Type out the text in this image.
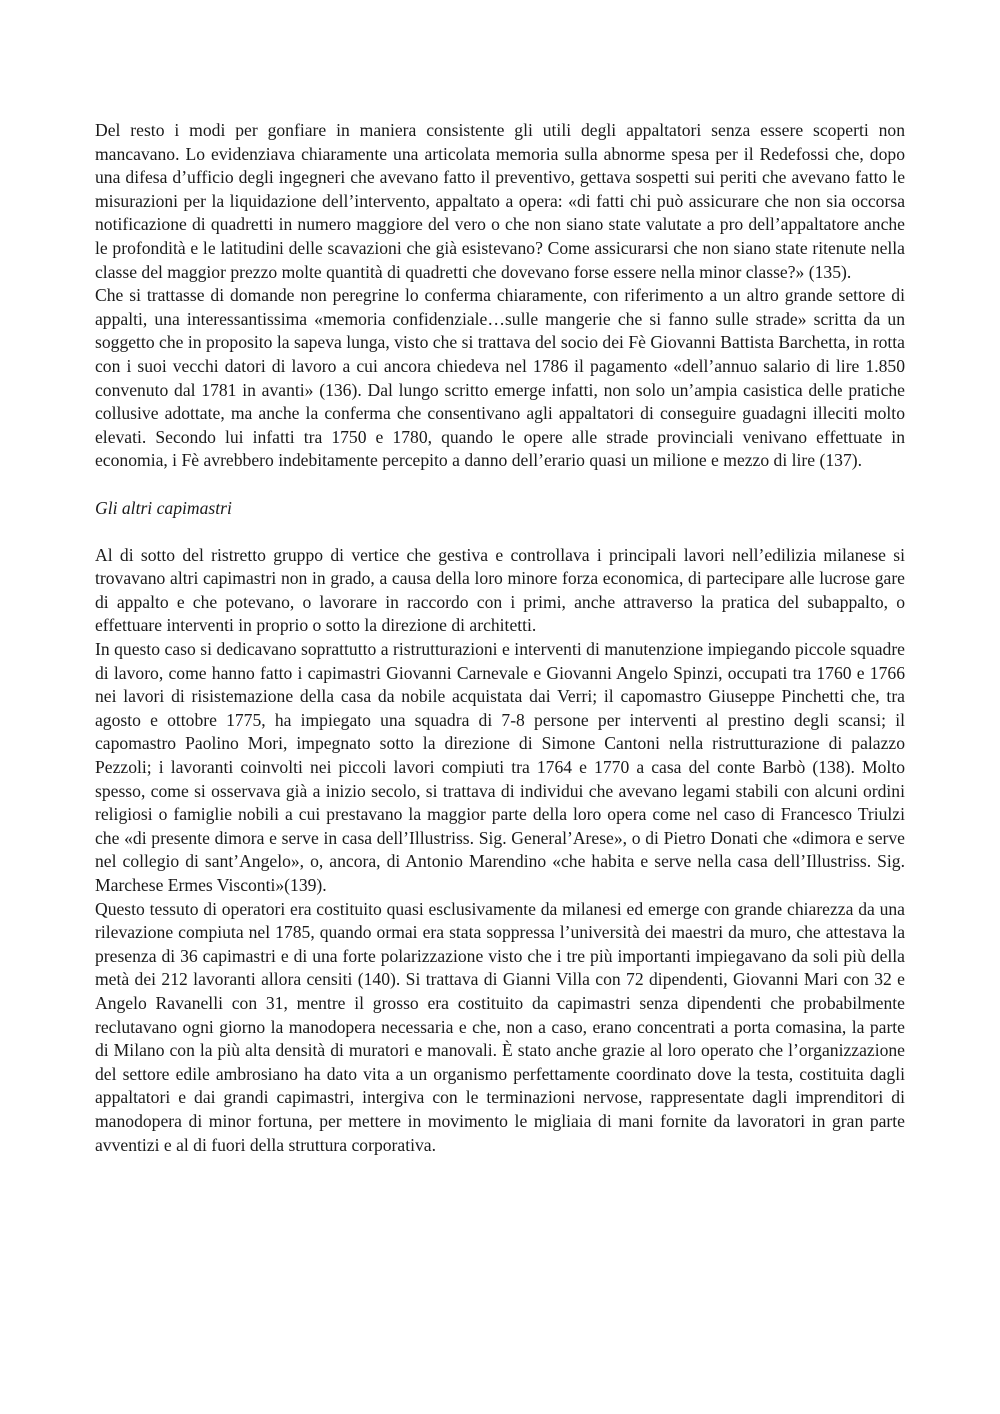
Del resto i modi per gonfiare in maniera consistente gli utili degli appaltatori senza essere scoperti non mancavano. Lo evidenziava chiaramente una articolata memoria sulla abnorme spesa per il Redefossi che, dopo una difesa d’ufficio degli ingegneri che avevano fatto il preventivo, gettava sospetti sui periti che avevano fatto le misurazioni per la liquidazione dell’intervento, appaltato a opera: «di fatti chi può assicurare che non sia occorsa notificazione di quadretti in numero maggiore del vero o che non siano state valutate a pro dell’appaltatore anche le profondità e le latitudini delle scavazioni che già esistevano? Come assicurarsi che non siano state ritenute nella classe del maggior prezzo molte quantità di quadretti che dovevano forse essere nella minor classe?» (135).

Che si trattasse di domande non peregrine lo conferma chiaramente, con riferimento a un altro grande settore di appalti, una interessantissima «memoria confidenziale…sulle mangerie che si fanno sulle strade» scritta da un soggetto che in proposito la sapeva lunga, visto che si trattava del socio dei Fè Giovanni Battista Barchetta, in rotta con i suoi vecchi datori di lavoro a cui ancora chiedeva nel 1786 il pagamento «dell’annuo salario di lire 1.850 convenuto dal 1781 in avanti» (136). Dal lungo scritto emerge infatti, non solo un’ampia casistica delle pratiche collusive adottate, ma anche la conferma che consentivano agli appaltatori di conseguire guadagni illeciti molto elevati. Secondo lui infatti tra 1750 e 1780, quando le opere alle strade provinciali venivano effettuate in economia, i Fè avrebbero indebitamente percepito a danno dell’erario quasi un milione e mezzo di lire (137).

Gli altri capimastri

Al di sotto del ristretto gruppo di vertice che gestiva e controllava i principali lavori nell’edilizia milanese si trovavano altri capimastri non in grado, a causa della loro minore forza economica, di partecipare alle lucrose gare di appalto e che potevano, o lavorare in raccordo con i primi, anche attraverso la pratica del subappalto, o effettuare interventi in proprio o sotto la direzione di architetti.

In questo caso si dedicavano soprattutto a ristrutturazioni e interventi di manutenzione impiegando piccole squadre di lavoro, come hanno fatto i capimastri Giovanni Carnevale e Giovanni Angelo Spinzi, occupati tra 1760 e 1766 nei lavori di risistemazione della casa da nobile acquistata dai Verri; il capomastro Giuseppe Pinchetti che, tra agosto e ottobre 1775, ha impiegato una squadra di 7-8 persone per interventi al prestino degli scansi; il capomastro Paolino Mori, impegnato sotto la direzione di Simone Cantoni nella ristrutturazione di palazzo Pezzoli; i lavoranti coinvolti nei piccoli lavori compiuti tra 1764 e 1770 a casa del conte Barbò (138). Molto spesso, come si osservava già a inizio secolo, si trattava di individui che avevano legami stabili con alcuni ordini religiosi o famiglie nobili a cui prestavano la maggior parte della loro opera come nel caso di Francesco Triulzi che «di presente dimora e serve in casa dell’Illustriss. Sig. General’Arese», o di Pietro Donati che «dimora e serve nel collegio di sant’Angelo», o, ancora, di Antonio Marendino «che habita e serve nella casa dell’Illustriss. Sig. Marchese Ermes Visconti»(139).

Questo tessuto di operatori era costituito quasi esclusivamente da milanesi ed emerge con grande chiarezza da una rilevazione compiuta nel 1785, quando ormai era stata soppressa l’università dei maestri da muro, che attestava la presenza di 36 capimastri e di una forte polarizzazione visto che i tre più importanti impiegavano da soli più della metà dei 212 lavoranti allora censiti (140). Si trattava di Gianni Villa con 72 dipendenti, Giovanni Mari con 32 e Angelo Ravanelli con 31, mentre il grosso era costituito da capimastri senza dipendenti che probabilmente reclutavano ogni giorno la manodopera necessaria e che, non a caso, erano concentrati a porta comasina, la parte di Milano con la più alta densità di muratori e manovali. È stato anche grazie al loro operato che l’organizzazione del settore edile ambrosiano ha dato vita a un organismo perfettamente coordinato dove la testa, costituita dagli appaltatori e dai grandi capimastri, intergiva con le terminazioni nervose, rappresentate dagli imprenditori di manodopera di minor fortuna, per mettere in movimento le migliaia di mani fornite da lavoratori in gran parte avventizi e al di fuori della struttura corporativa.
